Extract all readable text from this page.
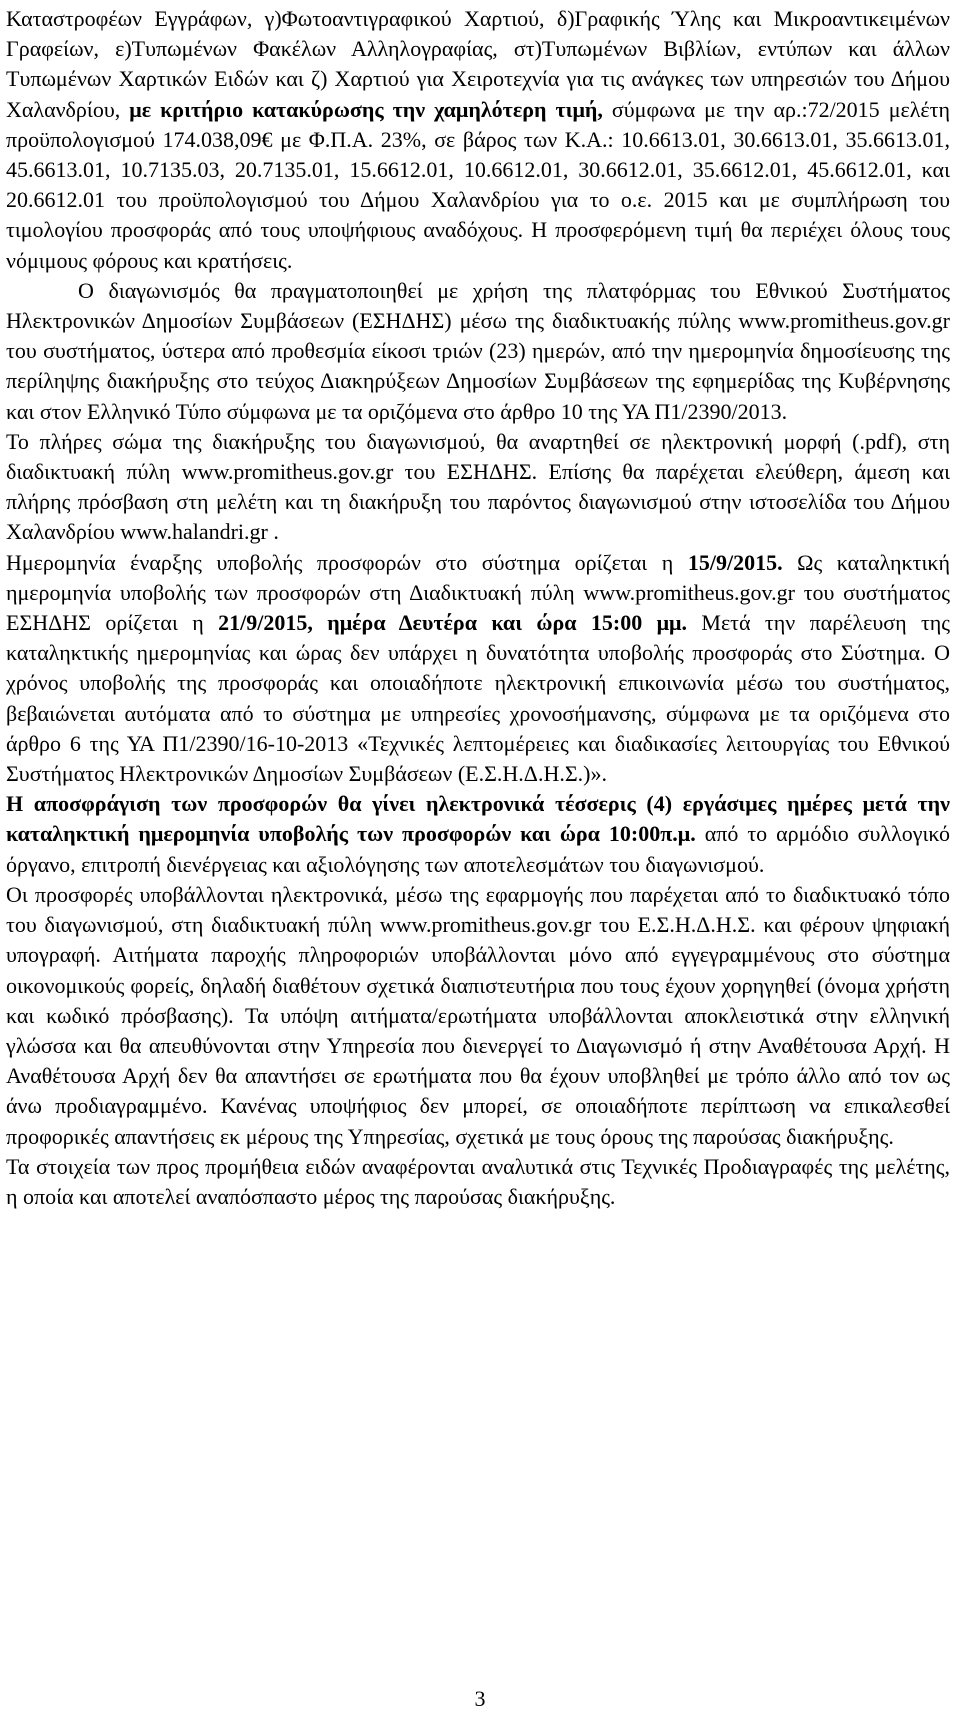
Καταστροφέων Εγγράφων, γ)Φωτοαντιγραφικού Χαρτιού, δ)Γραφικής Ύλης και Μικροαντικειμένων Γραφείων, ε)Τυπωμένων Φακέλων Αλληλογραφίας, στ)Τυπωμένων Βιβλίων, εντύπων και άλλων Τυπωμένων Χαρτικών Ειδών και ζ) Χαρτιού για Χειροτεχνία για τις ανάγκες των υπηρεσιών του Δήμου Χαλανδρίου, με κριτήριο κατακύρωσης την χαμηλότερη τιμή, σύμφωνα με την αρ.:72/2015 μελέτη προϋπολογισμού 174.038,09€ με Φ.Π.Α. 23%, σε βάρος των Κ.Α.: 10.6613.01, 30.6613.01, 35.6613.01, 45.6613.01, 10.7135.03, 20.7135.01, 15.6612.01, 10.6612.01, 30.6612.01, 35.6612.01, 45.6612.01, και 20.6612.01 του προϋπολογισμού του Δήμου Χαλανδρίου για το ο.ε. 2015 και με συμπλήρωση του τιμολογίου προσφοράς από τους υποψήφιους αναδόχους. Η προσφερόμενη τιμή θα περιέχει όλους τους νόμιμους φόρους και κρατήσεις.

Ο διαγωνισμός θα πραγματοποιηθεί με χρήση της πλατφόρμας του Εθνικού Συστήματος Ηλεκτρονικών Δημοσίων Συμβάσεων (ΕΣΗΔΗΣ) μέσω της διαδικτυακής πύλης www.promitheus.gov.gr του συστήματος, ύστερα από προθεσμία είκοσι τριών (23) ημερών, από την ημερομηνία δημοσίευσης της περίληψης διακήρυξης στο τεύχος Διακηρύξεων Δημοσίων Συμβάσεων της εφημερίδας της Κυβέρνησης και στον Ελληνικό Τύπο σύμφωνα με τα οριζόμενα στο άρθρο 10 της ΥΑ Π1/2390/2013.

Το πλήρες σώμα της διακήρυξης του διαγωνισμού, θα αναρτηθεί σε ηλεκτρονική μορφή (.pdf), στη διαδικτυακή πύλη www.promitheus.gov.gr του ΕΣΗΔΗΣ. Επίσης θα παρέχεται ελεύθερη, άμεση και πλήρης πρόσβαση στη μελέτη και τη διακήρυξη του παρόντος διαγωνισμού στην ιστοσελίδα του Δήμου Χαλανδρίου www.halandri.gr .

Ημερομηνία έναρξης υποβολής προσφορών στο σύστημα ορίζεται η 15/9/2015. Ως καταληκτική ημερομηνία υποβολής των προσφορών στη Διαδικτυακή πύλη www.promitheus.gov.gr του συστήματος ΕΣΗΔΗΣ ορίζεται η 21/9/2015, ημέρα Δευτέρα και ώρα 15:00 μμ. Μετά την παρέλευση της καταληκτικής ημερομηνίας και ώρας δεν υπάρχει η δυνατότητα υποβολής προσφοράς στο Σύστημα. Ο χρόνος υποβολής της προσφοράς και οποιαδήποτε ηλεκτρονική επικοινωνία μέσω του συστήματος, βεβαιώνεται αυτόματα από το σύστημα με υπηρεσίες χρονοσήμανσης, σύμφωνα με τα οριζόμενα στο άρθρο 6 της ΥΑ Π1/2390/16-10-2013 «Τεχνικές λεπτομέρειες και διαδικασίες λειτουργίας του Εθνικού Συστήματος Ηλεκτρονικών Δημοσίων Συμβάσεων (Ε.Σ.Η.Δ.Η.Σ.)».

Η αποσφράγιση των προσφορών θα γίνει ηλεκτρονικά τέσσερις (4) εργάσιμες ημέρες μετά την καταληκτική ημερομηνία υποβολής των προσφορών και ώρα 10:00π.μ. από το αρμόδιο συλλογικό όργανο, επιτροπή διενέργειας και αξιολόγησης των αποτελεσμάτων του διαγωνισμού.

Οι προσφορές υποβάλλονται ηλεκτρονικά, μέσω της εφαρμογής που παρέχεται από το διαδικτυακό τόπο του διαγωνισμού, στη διαδικτυακή πύλη www.promitheus.gov.gr του Ε.Σ.Η.Δ.Η.Σ. και φέρουν ψηφιακή υπογραφή. Αιτήματα παροχής πληροφοριών υποβάλλονται μόνο από εγγεγραμμένους στο σύστημα οικονομικούς φορείς, δηλαδή διαθέτουν σχετικά διαπιστευτήρια που τους έχουν χορηγηθεί (όνομα χρήστη και κωδικό πρόσβασης). Τα υπόψη αιτήματα/ερωτήματα υποβάλλονται αποκλειστικά στην ελληνική γλώσσα και θα απευθύνονται στην Υπηρεσία που διενεργεί το Διαγωνισμό ή στην Αναθέτουσα Αρχή. Η Αναθέτουσα Αρχή δεν θα απαντήσει σε ερωτήματα που θα έχουν υποβληθεί με τρόπο άλλο από τον ως άνω προδιαγραμμένο. Κανένας υποψήφιος δεν μπορεί, σε οποιαδήποτε περίπτωση να επικαλεσθεί προφορικές απαντήσεις εκ μέρους της Υπηρεσίας, σχετικά με τους όρους της παρούσας διακήρυξης.

Τα στοιχεία των προς προμήθεια ειδών αναφέρονται αναλυτικά στις Τεχνικές Προδιαγραφές της μελέτης, η οποία και αποτελεί αναπόσπαστο μέρος της παρούσας διακήρυξης.

3
